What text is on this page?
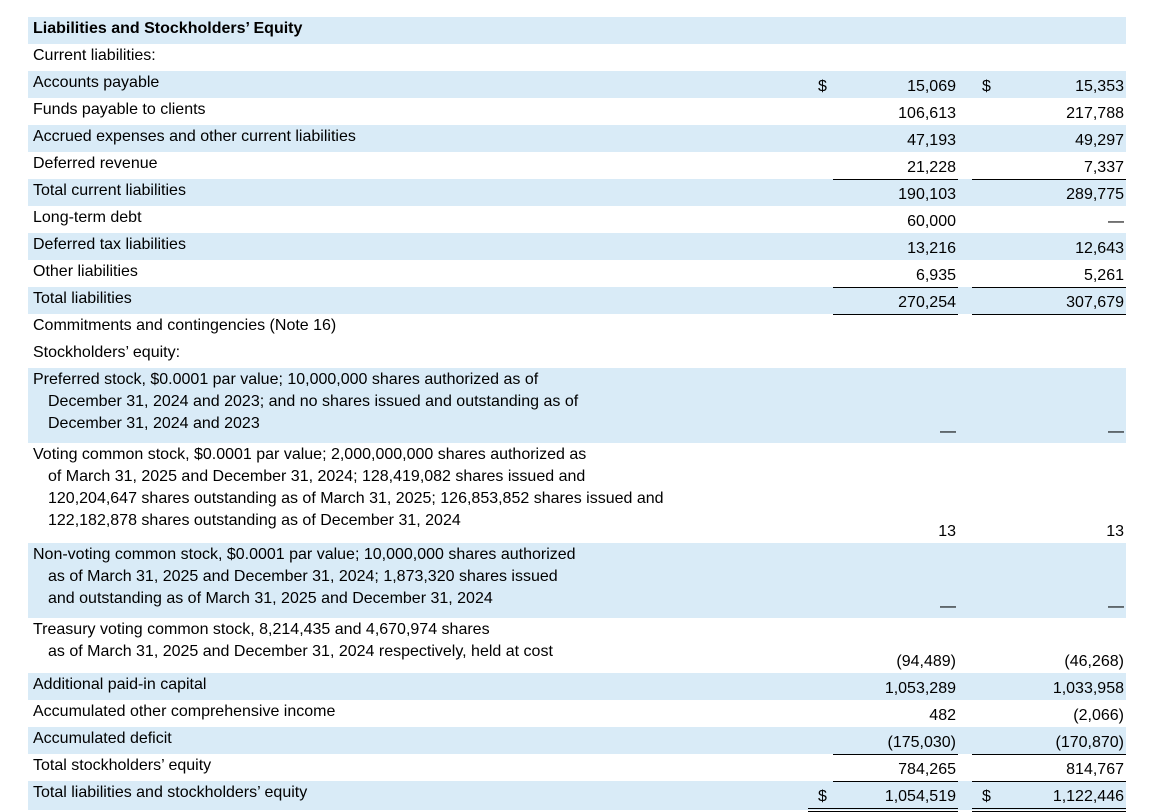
Liabilities and Stockholders’ Equity					
Current liabilities:					
Accounts payable	$	15,069		$	15,353
Funds payable to clients		106,613			217,788
Accrued expenses and other current liabilities		47,193			49,297
Deferred revenue		21,228			7,337
Total current liabilities		190,103			289,775
Long-term debt		60,000			—
Deferred tax liabilities		13,216			12,643
Other liabilities		6,935			5,261
Total liabilities		270,254			307,679
Commitments and contingencies (Note 16)					
Stockholders’ equity:					
Preferred stock, $0.0001 par value; 10,000,000 shares authorized as of
December 31, 2024 and 2023; and no shares issued and outstanding as of
December 31, 2024 and 2023		—			—
Voting common stock, $0.0001 par value; 2,000,000,000 shares authorized as
of March 31, 2025 and December 31, 2024; 128,419,082 shares issued and
120,204,647 shares outstanding as of March 31, 2025; 126,853,852 shares issued and
122,182,878 shares outstanding as of December 31, 2024		13			13
Non-voting common stock, $0.0001 par value; 10,000,000 shares authorized
as of March 31, 2025 and December 31, 2024; 1,873,320 shares issued
and outstanding as of March 31, 2025 and December 31, 2024		—			—
Treasury voting common stock, 8,214,435 and 4,670,974 shares
as of March 31, 2025 and December 31, 2024 respectively, held at cost		(94,489)			(46,268)
Additional paid-in capital		1,053,289			1,033,958
Accumulated other comprehensive income		482			(2,066)
Accumulated deficit		(175,030)			(170,870)
Total stockholders’ equity		784,265			814,767
Total liabilities and stockholders’ equity	$	1,054,519		$	1,122,446
